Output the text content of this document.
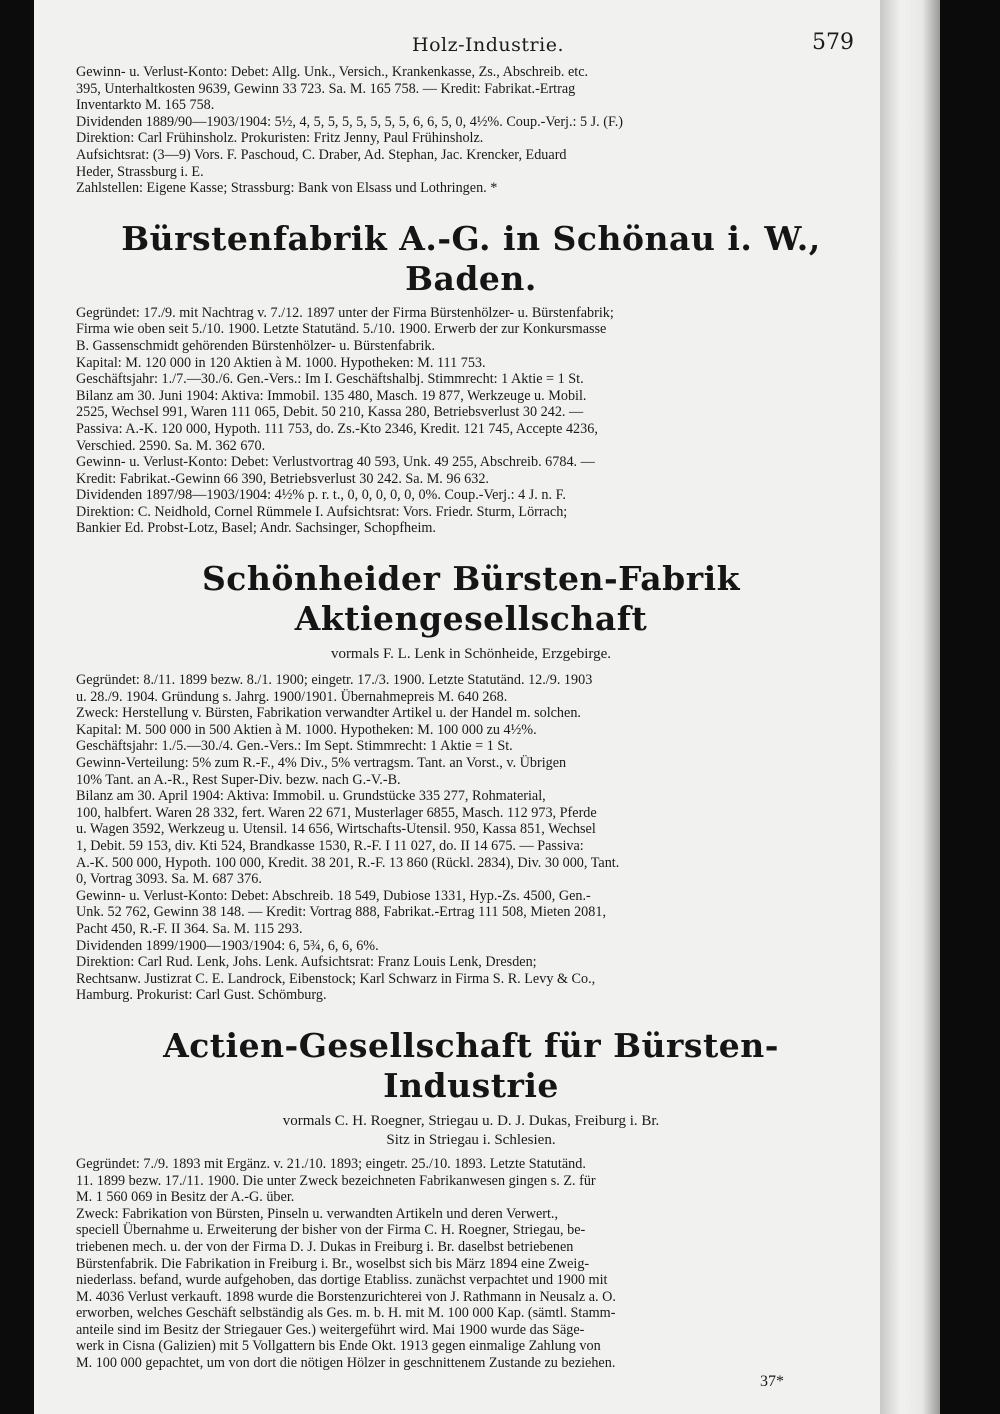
Holz-Industrie.	579
Gewinn- u. Verlust-Konto: Debet: Allg. Unk., Versich., Krankenkasse, Zs., Abschreib. etc.
395, Unterhaltkosten 9639, Gewinn 33 723. Sa. M. 165 758. — Kredit: Fabrikat.-Ertrag
Inventarkto M. 165 758.
Dividenden 1889/90—1903/1904: 5½, 4, 5, 5, 5, 5, 5, 5, 5, 6, 6, 5, 0, 4½%. Coup.-Verj.: 5 J. (F.)
Direktion: Carl Frühinsholz. Prokuristen: Fritz Jenny, Paul Frühinsholz.
Aufsichtsrat: (3—9) Vors. F. Paschoud, C. Draber, Ad. Stephan, Jac. Krencker, Eduard
Heder, Strassburg i. E.
Zahlstellen: Eigene Kasse; Strassburg: Bank von Elsass und Lothringen. *
Bürstenfabrik A.-G. in Schönau i. W., Baden.
Gegründet: 17./9. mit Nachtrag v. 7./12. 1897 unter der Firma Bürstenhölzer- u. Bürstenfabrik;
Firma wie oben seit 5./10. 1900. Letzte Statutänd. 5./10. 1900. Erwerb der zur Konkursmasse
B. Gassenschmidt gehörenden Bürstenhölzer- u. Bürstenfabrik.
Kapital: M. 120 000 in 120 Aktien à M. 1000. Hypotheken: M. 111 753.
Geschäftsjahr: 1./7.—30./6. Gen.-Vers.: Im I. Geschäftshalbj. Stimmrecht: 1 Aktie = 1 St.
Bilanz am 30. Juni 1904: Aktiva: Immobil. 135 480, Masch. 19 877, Werkzeuge u. Mobil.
2525, Wechsel 991, Waren 111 065, Debit. 50 210, Kassa 280, Betriebsverlust 30 242. —
Passiva: A.-K. 120 000, Hypoth. 111 753, do. Zs.-Kto 2346, Kredit. 121 745, Accepte 4236,
Verschied. 2590. Sa. M. 362 670.
Gewinn- u. Verlust-Konto: Debet: Verlustvortrag 40 593, Unk. 49 255, Abschreib. 6784. —
Kredit: Fabrikat.-Gewinn 66 390, Betriebsverlust 30 242. Sa. M. 96 632.
Dividenden 1897/98—1903/1904: 4½% p. r. t., 0, 0, 0, 0, 0, 0%. Coup.-Verj.: 4 J. n. F.
Direktion: C. Neidhold, Cornel Rümmele I. Aufsichtsrat: Vors. Friedr. Sturm, Lörrach;
Bankier Ed. Probst-Lotz, Basel; Andr. Sachsinger, Schopfheim.
Schönheider Bürsten-Fabrik Aktiengesellschaft
vormals F. L. Lenk in Schönheide, Erzgebirge.
Gegründet: 8./11. 1899 bezw. 8./1. 1900; eingetr. 17./3. 1900. Letzte Statutänd. 12./9. 1903
u. 28./9. 1904. Gründung s. Jahrg. 1900/1901. Übernahmepreis M. 640 268.
Zweck: Herstellung v. Bürsten, Fabrikation verwandter Artikel u. der Handel m. solchen.
Kapital: M. 500 000 in 500 Aktien à M. 1000. Hypotheken: M. 100 000 zu 4½%.
Geschäftsjahr: 1./5.—30./4. Gen.-Vers.: Im Sept. Stimmrecht: 1 Aktie = 1 St.
Gewinn-Verteilung: 5% zum R.-F., 4% Div., 5% vertragsm. Tant. an Vorst., v. Übrigen
10% Tant. an A.-R., Rest Super-Div. bezw. nach G.-V.-B.
Bilanz am 30. April 1904: Aktiva: Immobil. u. Grundstücke 335 277, Rohmaterial,
100, halbfert. Waren 28 332, fert. Waren 22 671, Musterlager 6855, Masch. 112 973, Pferde
u. Wagen 3592, Werkzeug u. Utensil. 14 656, Wirtschafts-Utensil. 950, Kassa 851, Wechsel
1, Debit. 59 153, div. Kti 524, Brandkasse 1530, R.-F. I 11 027, do. II 14 675. — Passiva:
A.-K. 500 000, Hypoth. 100 000, Kredit. 38 201, R.-F. 13 860 (Rückl. 2834), Div. 30 000, Tant.
0, Vortrag 3093. Sa. M. 687 376.
Gewinn- u. Verlust-Konto: Debet: Abschreib. 18 549, Dubiose 1331, Hyp.-Zs. 4500, Gen.-
Unk. 52 762, Gewinn 38 148. — Kredit: Vortrag 888, Fabrikat.-Ertrag 111 508, Mieten 2081,
Pacht 450, R.-F. II 364. Sa. M. 115 293.
Dividenden 1899/1900—1903/1904: 6, 5¾, 6, 6, 6%.
Direktion: Carl Rud. Lenk, Johs. Lenk. Aufsichtsrat: Franz Louis Lenk, Dresden;
Rechtsanw. Justizrat C. E. Landrock, Eibenstock; Karl Schwarz in Firma S. R. Levy & Co.,
Hamburg. Prokurist: Carl Gust. Schömburg.
Actien-Gesellschaft für Bürsten-Industrie
vormals C. H. Roegner, Striegau u. D. J. Dukas, Freiburg i. Br.
Sitz in Striegau i. Schlesien.
Gegründet: 7./9. 1893 mit Ergänz. v. 21./10. 1893; eingetr. 25./10. 1893. Letzte Statutänd.
11. 1899 bezw. 17./11. 1900. Die unter Zweck bezeichneten Fabrikanwesen gingen s. Z. für
M. 1 560 069 in Besitz der A.-G. über.
Zweck: Fabrikation von Bürsten, Pinseln u. verwandten Artikeln und deren Verwert.,
speciell Übernahme u. Erweiterung der bisher von der Firma C. H. Roegner, Striegau, be-
triebenen mech. u. der von der Firma D. J. Dukas in Freiburg i. Br. daselbst betriebenen
Bürstenfabrik. Die Fabrikation in Freiburg i. Br., woselbst sich bis März 1894 eine Zweig-
niederlass. befand, wurde aufgehoben, das dortige Etabliss. zunächst verpachtet und 1900 mit
M. 4036 Verlust verkauft. 1898 wurde die Borstenzurichterei von J. Rathmann in Neusalz a. O.
erworben, welches Geschäft selbständig als Ges. m. b. H. mit M. 100 000 Kap. (sämtl. Stamm-
anteile sind im Besitz der Striegauer Ges.) weitergeführt wird. Mai 1900 wurde das Säge-
werk in Cisna (Galizien) mit 5 Vollgattern bis Ende Okt. 1913 gegen einmalige Zahlung von
M. 100 000 gepachtet, um von dort die nötigen Hölzer in geschnittenem Zustande zu beziehen.
37*
